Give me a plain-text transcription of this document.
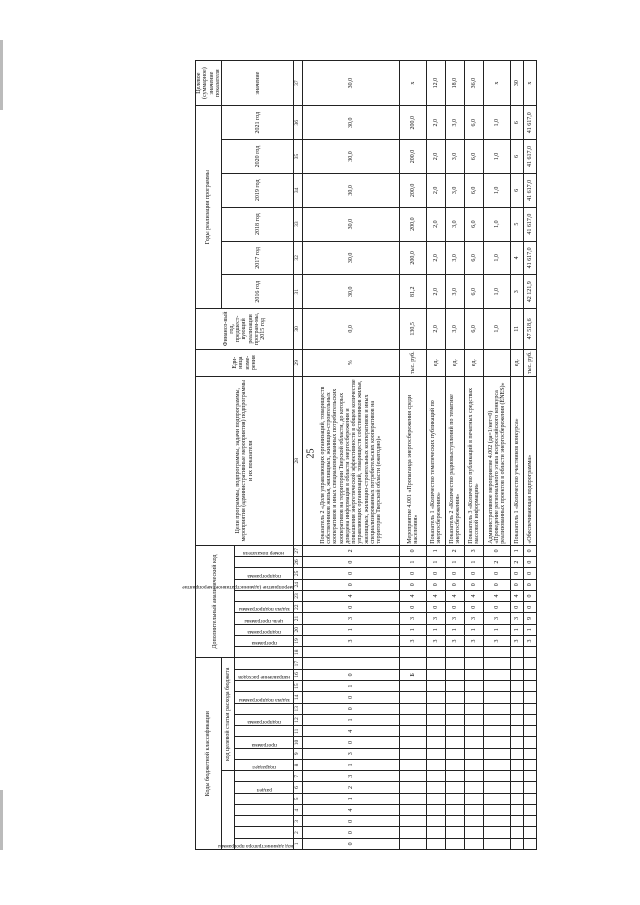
25
Коды бюджетной классификации																	Дополнительный аналитический код										Цели программы, подпрограммы, задачи подпрограммы, мероприятия (административные мероприятия) подпрограммы и их показатели	Еди-ница изме-рения	Финансо-вый год, предшест-вующий реализации програм-мы, 2015 год	Годы реализации программы						Целевое (суммарное) значение показателя
							код целевой статьи расхода бюджета																							2016 год	2017 год	2018 год	2019 год	2020 год	2021 год	значение

код администратора программы					раздел		подраздел		программа		подпрограмма		задача подпрограммы		направление расходов			программа	подпрограмма	цель программы	задача подпрограммы		мероприятие (административное) мероприятие	подпрограмма		номер показателя										

1	2	3	4	5	6	7	8	9	10	11	12	13	14	15	16	17	18	19	20	21	22	23	24	25	26	27	28	29	30	31	32	33	34	35	36	37
0	0	0	4	1	2	3	1	3	0	4	1	0	0	1	0			3	1	3	0	4	0	0	0	2	Показатель 2 «Доля управляющих организаций, товариществ собственников жилья, жилищных, жилищно-строительных кооперативов и иных специализированных потребительских кооперативов на территории Тверской области, до которых доведена информация в области энергосбережения и повышения энергетической эффективности в общем количестве управляющих организаций, товариществ собственников жилья, жилищных, жилищно-строительных кооперативов и иных специализированных потребительских кооперативов на территории Тверской области (ежегодно)»	%	0,0	30,0	30,0	30,0	30,0	30,0	30,0	30,0
															Б			3	1	3	0	4	0	0	1	0	Мероприятие 4.001 «Пропаганда энергосбережения среди населения»	тыс. руб.	130,5	81,2	200,0	200,0	200,0	200,0	200,0	x
																		3	1	3	0	4	0	0	1	1	Показатель 1 «Количество тематических публикаций по энергосбережению»	ед.	2,0	2,0	2,0	2,0	2,0	2,0	2,0	12,0
																		3	1	3	0	4	0	0	1	2	Показатель 2 «Количество радиовыступлений по тематике энергосбережения»	ед.	3,0	3,0	3,0	3,0	3,0	3,0	3,0	18,0
																		3	1	3	0	4	0	0	1	3	Показатель 3 «Количество публикаций в печатных средствах массовой информации»	ед.	6,0	6,0	6,0	6,0	6,0	6,0	6,0	36,0
																		3	1	3	0	4	0	0	2	0	Административное мероприятие 4.002 (да=1/нет=0) «Проведение регионального этапа всероссийского конкурса реализованных проектов в области энергосбережения (ENES)»		1,0	1,0	1,0	1,0	1,0	1,0	1,0	x
																		3	1	3	0	4	0	0	2	1	Показатель 1 «Количество участников конкурса»	ед.	11	3	4	5	6	6	6	30
																		3	1	9	0	0	0	0	0	0	«Обеспечивающая подпрограмма»	тыс. руб.	47 518,6	42 121,9	41 617,0	41 617,0	41 617,0	41 617,0	41 617,0	x
